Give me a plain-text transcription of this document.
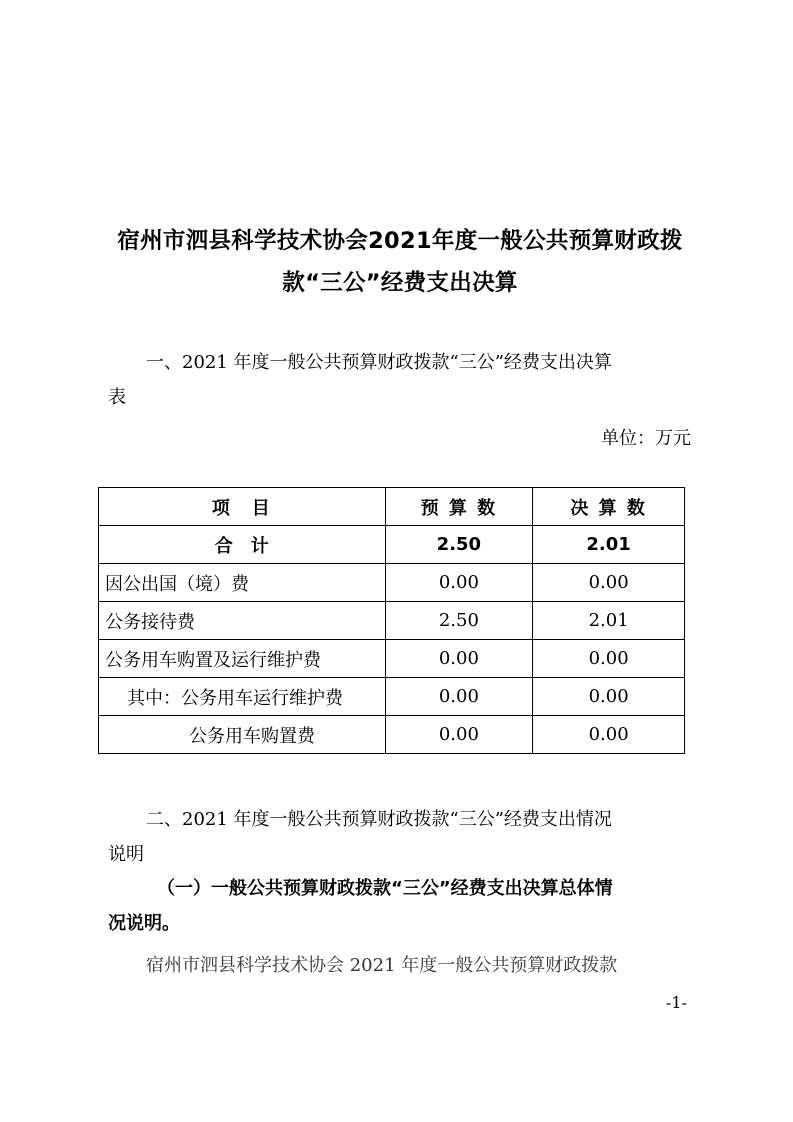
宿州市泗县科学技术协会2021年度一般公共预算财政拨
款“三公”经费支出决算
一、2021 年度一般公共预算财政拨款“三公”经费支出决算
表
单位：万元
项　目	预 算 数	决 算 数
合　计	2.50	2.01
因公出国（境）费	0.00	0.00
公务接待费	2.50	2.01
公务用车购置及运行维护费	0.00	0.00
其中：公务用车运行维护费	0.00	0.00
公务用车购置费	0.00	0.00
二、2021 年度一般公共预算财政拨款“三公”经费支出情况
说明
（一）一般公共预算财政拨款“三公”经费支出决算总体情
况说明。
宿州市泗县科学技术协会 2021 年度一般公共预算财政拨款
-1-
